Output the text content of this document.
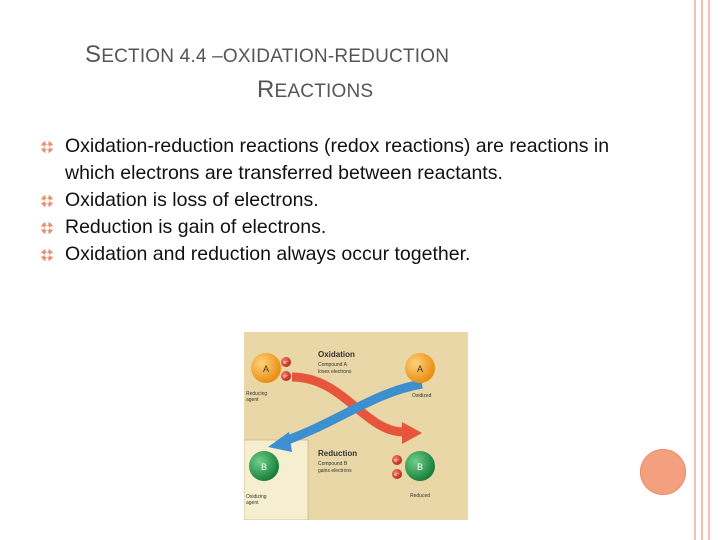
SECTION 4.4 –OXIDATION-REDUCTION
REACTIONS
Oxidation-reduction reactions (redox reactions) are reactions in which electrons are transferred between reactants.
Oxidation is loss of electrons.
Reduction is gain of electrons.
Oxidation and reduction always occur together.
A
e⁻
e⁻
Reducing
agent
Oxidation
Compound A
loses electrons	A
Oxidized
Reduction
Compound B
gains electrons
B
Oxidizing
agent
B
e⁻
e⁻
Reduced
